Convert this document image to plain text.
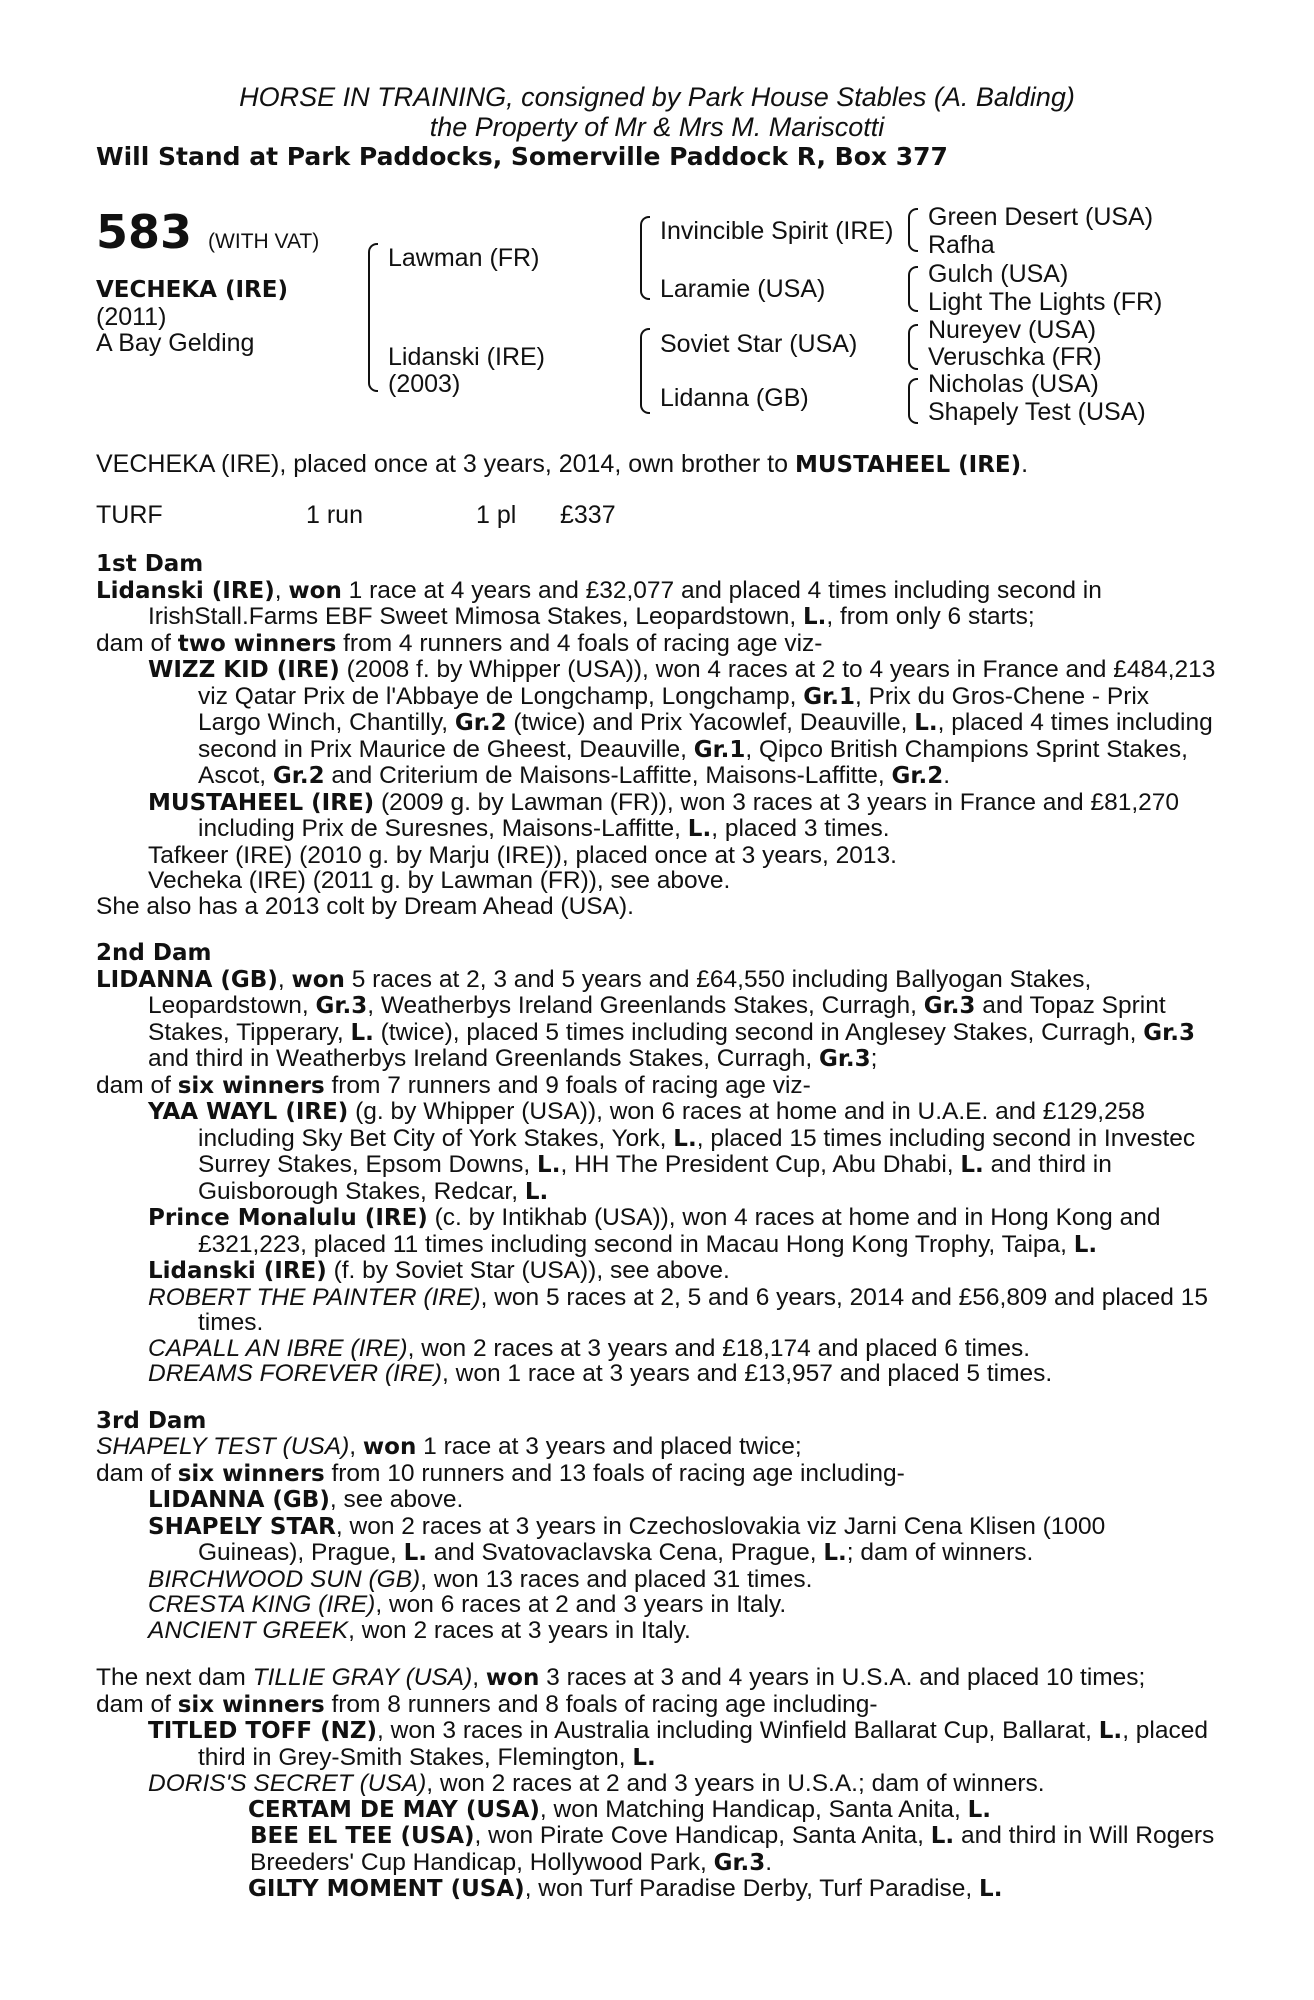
HORSE IN TRAINING, consigned by Park House Stables (A. Balding)
the Property of Mr & Mrs M. Mariscotti
Will Stand at Park Paddocks, Somerville Paddock R, Box 377
583 (WITH VAT)
VECHEKA (IRE)
(2011)
A Bay Gelding
Lawman (FR)
Lidanski (IRE)
(2003)
Invincible Spirit (IRE)
Laramie (USA)
Soviet Star (USA)
Lidanna (GB)
Green Desert (USA)
Rafha
Gulch (USA)
Light The Lights (FR)
Nureyev (USA)
Veruschka (FR)
Nicholas (USA)
Shapely Test (USA)
VECHEKA (IRE), placed once at 3 years, 2014, own brother to MUSTAHEEL (IRE).
TURF	1 run	1 pl £337

1st Dam

Lidanski (IRE), won 1 race at 4 years and £32,077 and placed 4 times including second in IrishStall.Farms EBF Sweet Mimosa Stakes, Leopardstown, L., from only 6 starts;

dam of two winners from 4 runners and 4 foals of racing age viz-

WIZZ KID (IRE) (2008 f. by Whipper (USA)), won 4 races at 2 to 4 years in France and £484,213 viz Qatar Prix de l'Abbaye de Longchamp, Longchamp, Gr.1, Prix du Gros-Chene - Prix Largo Winch, Chantilly, Gr.2 (twice) and Prix Yacowlef, Deauville, L., placed 4 times including second in Prix Maurice de Gheest, Deauville, Gr.1, Qipco British Champions Sprint Stakes, Ascot, Gr.2 and Criterium de Maisons-Laffitte, Maisons-Laffitte, Gr.2.

MUSTAHEEL (IRE) (2009 g. by Lawman (FR)), won 3 races at 3 years in France and £81,270 including Prix de Suresnes, Maisons-Laffitte, L., placed 3 times.

Tafkeer (IRE) (2010 g. by Marju (IRE)), placed once at 3 years, 2013.

Vecheka (IRE) (2011 g. by Lawman (FR)), see above.

She also has a 2013 colt by Dream Ahead (USA).

2nd Dam

LIDANNA (GB), won 5 races at 2, 3 and 5 years and £64,550 including Ballyogan Stakes, Leopardstown, Gr.3, Weatherbys Ireland Greenlands Stakes, Curragh, Gr.3 and Topaz Sprint Stakes, Tipperary, L. (twice), placed 5 times including second in Anglesey Stakes, Curragh, Gr.3 and third in Weatherbys Ireland Greenlands Stakes, Curragh, Gr.3;

dam of six winners from 7 runners and 9 foals of racing age viz-

YAA WAYL (IRE) (g. by Whipper (USA)), won 6 races at home and in U.A.E. and £129,258 including Sky Bet City of York Stakes, York, L., placed 15 times including second in Investec Surrey Stakes, Epsom Downs, L., HH The President Cup, Abu Dhabi, L. and third in Guisborough Stakes, Redcar, L.

Prince Monalulu (IRE) (c. by Intikhab (USA)), won 4 races at home and in Hong Kong and £321,223, placed 11 times including second in Macau Hong Kong Trophy, Taipa, L.

Lidanski (IRE) (f. by Soviet Star (USA)), see above.

ROBERT THE PAINTER (IRE), won 5 races at 2, 5 and 6 years, 2014 and £56,809 and placed 15 times.

CAPALL AN IBRE (IRE), won 2 races at 3 years and £18,174 and placed 6 times.

DREAMS FOREVER (IRE), won 1 race at 3 years and £13,957 and placed 5 times.

3rd Dam

SHAPELY TEST (USA), won 1 race at 3 years and placed twice;

dam of six winners from 10 runners and 13 foals of racing age including-

LIDANNA (GB), see above.

SHAPELY STAR, won 2 races at 3 years in Czechoslovakia viz Jarni Cena Klisen (1000 Guineas), Prague, L. and Svatovaclavska Cena, Prague, L.; dam of winners.

BIRCHWOOD SUN (GB), won 13 races and placed 31 times.

CRESTA KING (IRE), won 6 races at 2 and 3 years in Italy.

ANCIENT GREEK, won 2 races at 3 years in Italy.

The next dam TILLIE GRAY (USA), won 3 races at 3 and 4 years in U.S.A. and placed 10 times;

dam of six winners from 8 runners and 8 foals of racing age including-

TITLED TOFF (NZ), won 3 races in Australia including Winfield Ballarat Cup, Ballarat, L., placed third in Grey-Smith Stakes, Flemington, L.

DORIS'S SECRET (USA), won 2 races at 2 and 3 years in U.S.A.; dam of winners.

CERTAM DE MAY (USA), won Matching Handicap, Santa Anita, L.

BEE EL TEE (USA), won Pirate Cove Handicap, Santa Anita, L. and third in Will Rogers Breeders' Cup Handicap, Hollywood Park, Gr.3.

GILTY MOMENT (USA), won Turf Paradise Derby, Turf Paradise, L.
